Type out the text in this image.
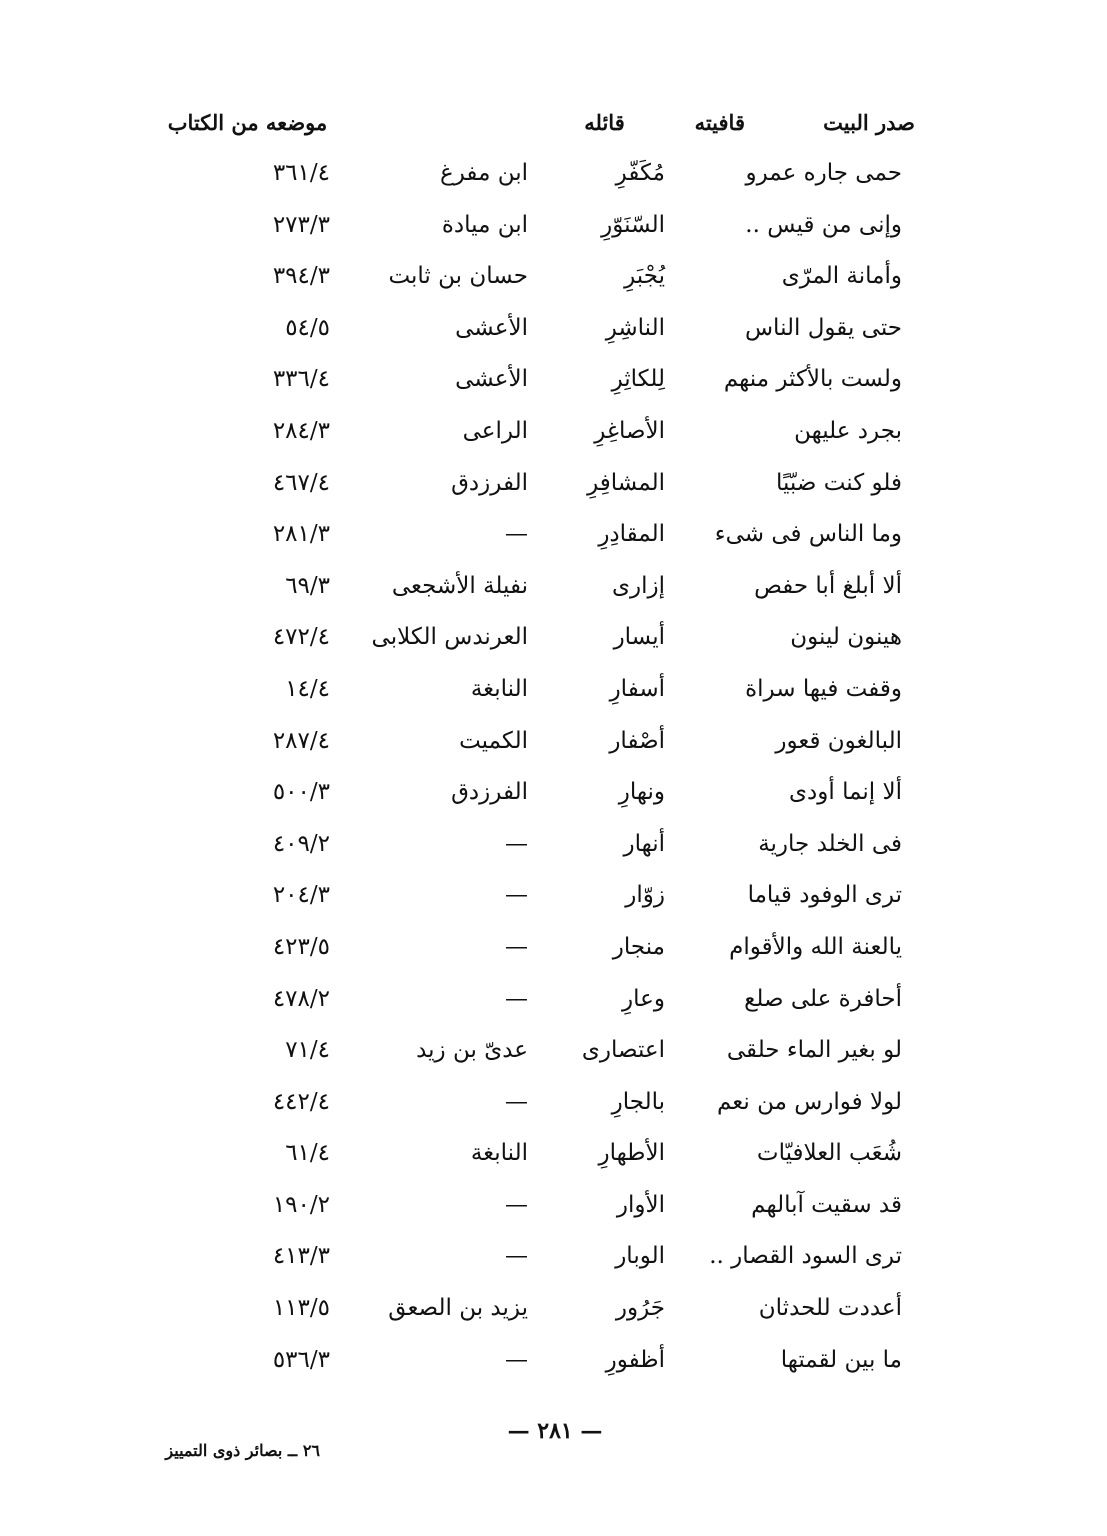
صدر البيت
قافيته
قائله
موضعه من الكتاب
حمى جاره عمرو
مُكَفّرِ
ابن مفرغ
٣٦١/٤
وإنى من قيس ..
السّنَوّرِ
ابن ميادة
٢٧٣/٣
وأمانة المرّى
يُجْبَرِ
حسان بن ثابت
٣٩٤/٣
حتى يقول الناس
الناشِرِ
الأعشى
٥٤/٥
ولست بالأكثر منهم
لِلكاثِرِ
الأعشى
٣٣٦/٤
بجرد عليهن
الأصاغِرِ
الراعى
٢٨٤/٣
فلو كنت ضبّيًا
المشافِرِ
الفرزدق
٤٦٧/٤
وما الناس فى شىء
المقادِرِ
—
٢٨١/٣
ألا أبلغ أبا حفص
إزارى
نفيلة الأشجعى
٦٩/٣
هينون لينون
أيسار
العرندس الكلابى
٤٧٢/٤
وقفت فيها سراة
أسفارِ
النابغة
١٤/٤
البالغون قعور
أصْفار
الكميت
٢٨٧/٤
ألا إنما أودى
ونهارِ
الفرزدق
٥٠٠/٣
فى الخلد جارية
أنهار
—
٤٠٩/٢
ترى الوفود قياما
زوّار
—
٢٠٤/٣
يالعنة الله والأقوام
منجار
—
٤٢٣/٥
أحافرة على صلع
وعارِ
—
٤٧٨/٢
لو بغير الماء حلقى
اعتصارى
عدىّ بن زيد
٧١/٤
لولا فوارس من نعم
بالجارِ
—
٤٤٢/٤
شُعَب العلافيّات
الأطهارِ
النابغة
٦١/٤
قد سقيت آبالهم
الأوار
—
١٩٠/٢
ترى السود القصار ..
الوبار
—
٤١٣/٣
أعددت للحدثان
جَرُور
يزيد بن الصعق
١١٣/٥
ما بين لقمتها
أظفورِ
—
٥٣٦/٣
— ٢٨١ —
٢٦ ــ بصائر ذوى التمييز
